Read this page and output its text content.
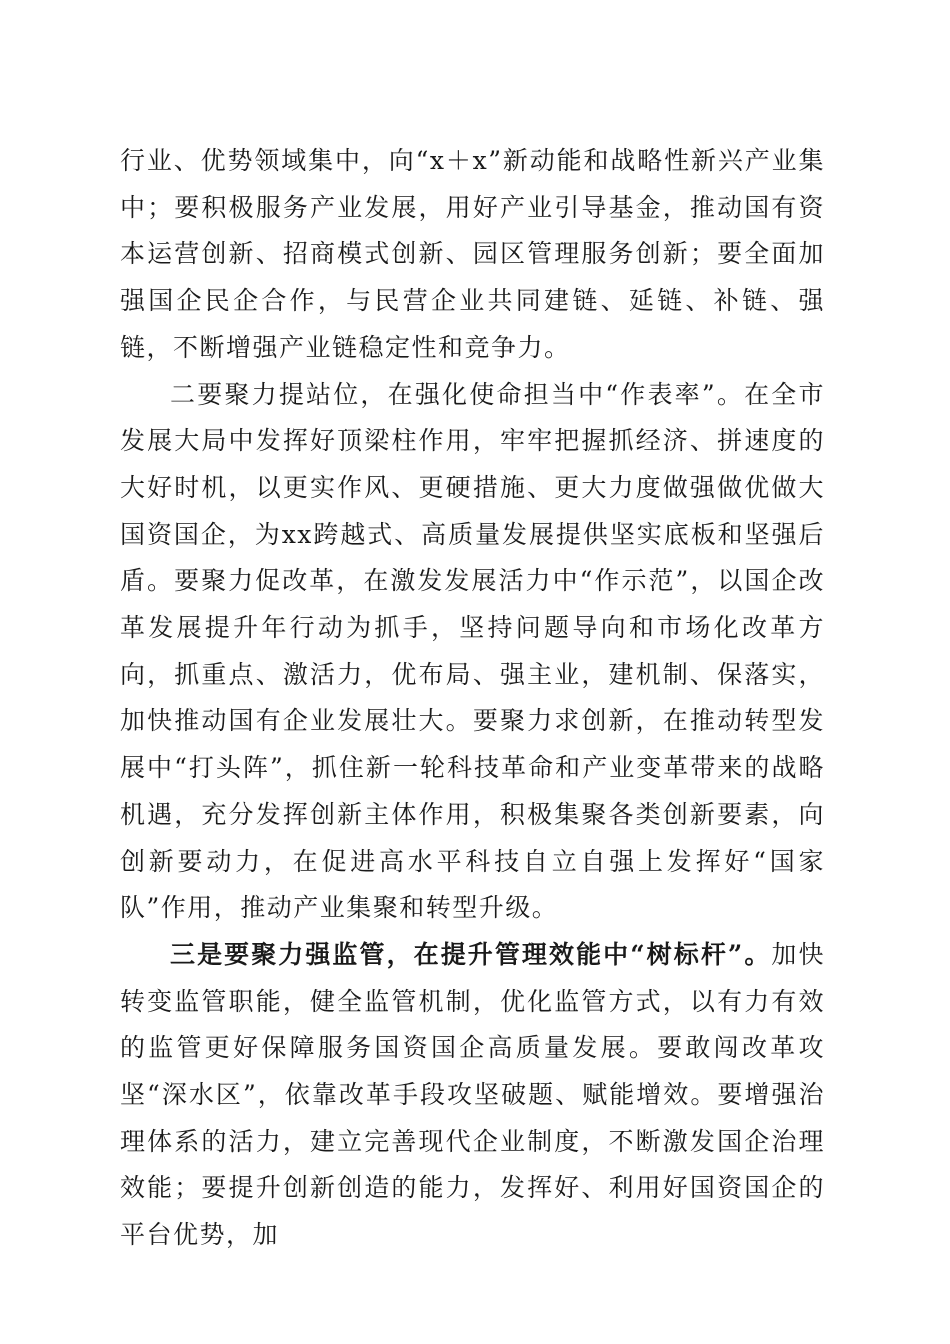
行业、优势领域集中，向“x＋x”新动能和战略性新兴产业集中；要积极服务产业发展，用好产业引导基金，推动国有资本运营创新、招商模式创新、园区管理服务创新；要全面加强国企民企合作，与民营企业共同建链、延链、补链、强链，不断增强产业链稳定性和竞争力。

二要聚力提站位，在强化使命担当中“作表率”。在全市发展大局中发挥好顶梁柱作用，牢牢把握抓经济、拼速度的大好时机，以更实作风、更硬措施、更大力度做强做优做大国资国企，为xx跨越式、高质量发展提供坚实底板和坚强后盾。要聚力促改革，在激发发展活力中“作示范”，以国企改革发展提升年行动为抓手，坚持问题导向和市场化改革方向，抓重点、激活力，优布局、强主业，建机制、保落实，加快推动国有企业发展壮大。要聚力求创新，在推动转型发展中“打头阵”，抓住新一轮科技革命和产业变革带来的战略机遇，充分发挥创新主体作用，积极集聚各类创新要素，向创新要动力，在促进高水平科技自立自强上发挥好“国家队”作用，推动产业集聚和转型升级。

三是要聚力强监管，在提升管理效能中“树标杆”。加快转变监管职能，健全监管机制，优化监管方式，以有力有效的监管更好保障服务国资国企高质量发展。要敢闯改革攻坚“深水区”，依靠改革手段攻坚破题、赋能增效。要增强治理体系的活力，建立完善现代企业制度，不断激发国企治理效能；要提升创新创造的能力，发挥好、利用好国资国企的平台优势，加
